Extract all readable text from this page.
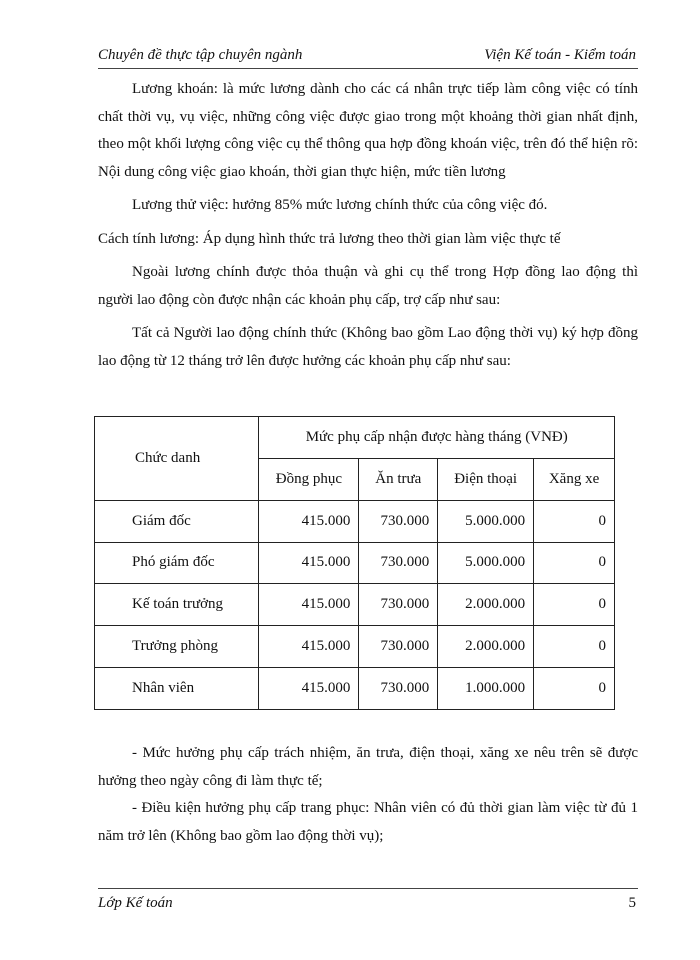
Chuyên đề thực tập chuyên ngành	Viện Kế toán - Kiểm toán

Lương khoán: là mức lương dành cho các cá nhân trực tiếp làm công việc có tính chất thời vụ, vụ việc, những công việc được giao trong một khoảng thời gian nhất định, theo một khối lượng công việc cụ thể thông qua hợp đồng khoán việc, trên đó thể hiện rõ: Nội dung công việc giao khoán, thời gian thực hiện, mức tiền lương

Lương thử việc: hưởng 85% mức lương chính thức của công việc đó.

Cách tính lương: Áp dụng hình thức trả lương theo thời gian làm việc thực tế

Ngoài lương chính được thỏa thuận và ghi cụ thể trong Hợp đồng lao động thì người lao động còn được nhận các khoản phụ cấp, trợ cấp như sau:

Tất cả Người lao động chính thức (Không bao gồm Lao động thời vụ) ký hợp đồng lao động từ 12 tháng trở lên được hưởng các khoản phụ cấp như sau:

Chức danh	Mức phụ cấp nhận được hàng tháng (VNĐ)			
	Đồng phục	Ăn trưa	Điện thoại	Xăng xe
Giám đốc	415.000	730.000	5.000.000	0
Phó giám đốc	415.000	730.000	5.000.000	0
Kế toán trưởng	415.000	730.000	2.000.000	0
Trưởng phòng	415.000	730.000	2.000.000	0
Nhân viên	415.000	730.000	1.000.000	0

- Mức hưởng phụ cấp trách nhiệm, ăn trưa, điện thoại, xăng xe nêu trên sẽ được hưởng theo ngày công đi làm thực tế;

- Điều kiện hưởng phụ cấp trang phục: Nhân viên có đủ thời gian làm việc từ đủ 1 năm trở lên (Không bao gồm lao động thời vụ);

Lớp Kế toán	5
